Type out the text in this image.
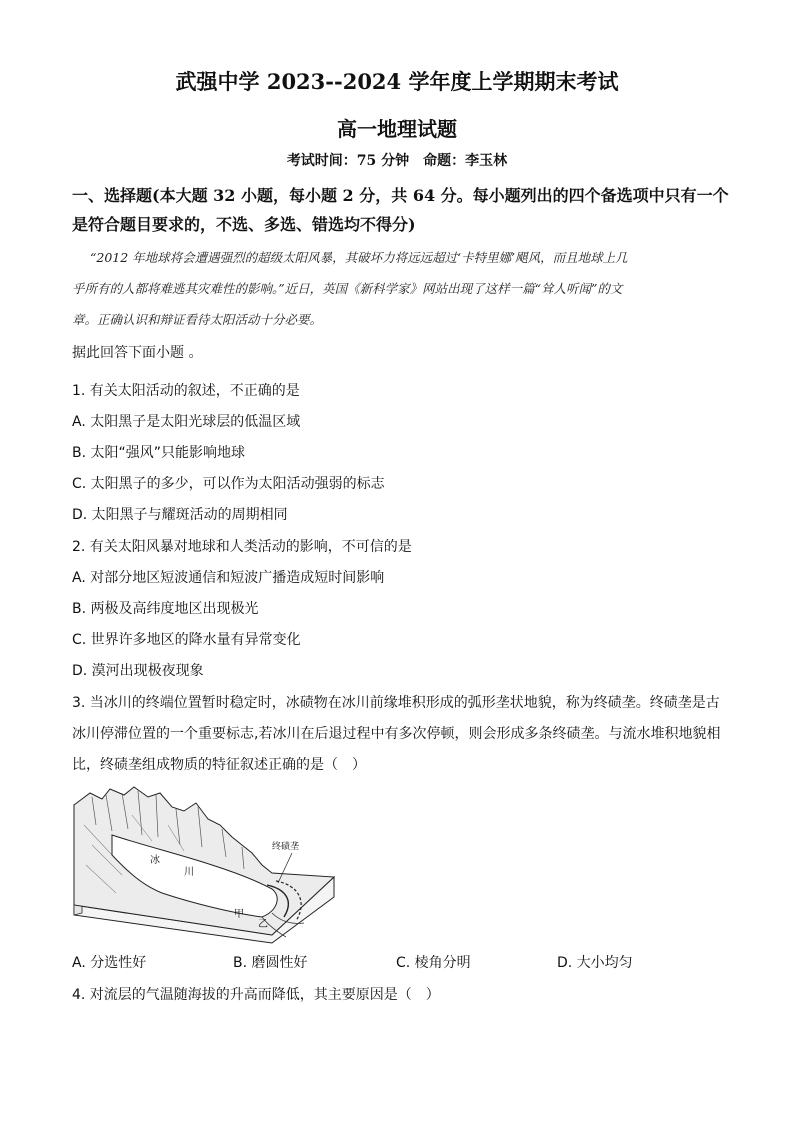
武强中学 2023--2024 学年度上学期期末考试
高一地理试题
考试时间：75 分钟　命题：李玉林
一、选择题(本大题 32 小题，每小题 2 分，共 64 分。每小题列出的四个备选项中只有一个
是符合题目要求的，不选、多选、错选均不得分)
“2012 年地球将会遭遇强烈的超级太阳风暴，其破坏力将远远超过‘卡特里娜’飓风，而且地球上几
乎所有的人都将难逃其灾难性的影响。”近日，英国《新科学家》网站出现了这样一篇“耸人听闻”的文
章。正确认识和辩证看待太阳活动十分必要。
据此回答下面小题 。
1. 有关太阳活动的叙述，不正确的是
A. 太阳黑子是太阳光球层的低温区域
B. 太阳“强风”只能影响地球
C. 太阳黑子的多少，可以作为太阳活动强弱的标志
D. 太阳黑子与耀斑活动的周期相同
2. 有关太阳风暴对地球和人类活动的影响，不可信的是
A. 对部分地区短波通信和短波广播造成短时间影响
B. 两极及高纬度地区出现极光
C. 世界许多地区的降水量有异常变化
D. 漠河出现极夜现象
3. 当冰川的终端位置暂时稳定时，冰碛物在冰川前缘堆积形成的弧形垄状地貌，称为终碛垄。终碛垄是古
冰川停滞位置的一个重要标志,若冰川在后退过程中有多次停顿，则会形成多条终碛垄。与流水堆积地貌相
比，终碛垄组成物质的特征叙述正确的是（　）
终碛垄
冰
川
甲
乙
A. 分选性好	B. 磨圆性好	C. 棱角分明	D. 大小均匀
4. 对流层的气温随海拔的升高而降低，其主要原因是（　）
